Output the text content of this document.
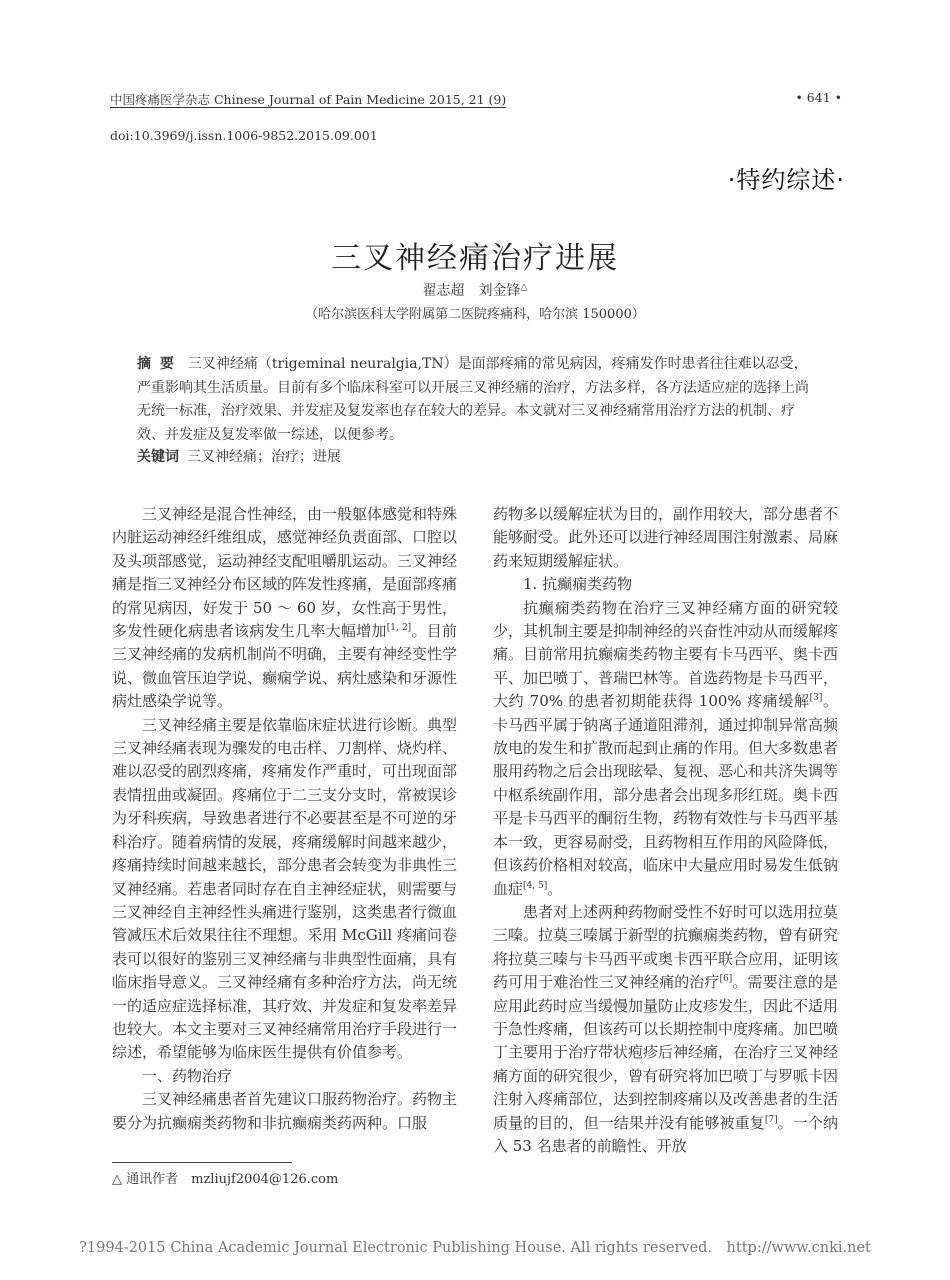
中国疼痛医学杂志 Chinese Journal of Pain Medicine 2015, 21 (9)	• 641 •
doi:10.3969/j.issn.1006-9852.2015.09.001
·特约综述·
三叉神经痛治疗进展
翟志超　刘金锋△
（哈尔滨医科大学附属第二医院疼痛科，哈尔滨 150000）
摘 要 三叉神经痛（trigeminal neuralgia,TN）是面部疼痛的常见病因，疼痛发作时患者往往难以忍受，严重影响其生活质量。目前有多个临床科室可以开展三叉神经痛的治疗，方法多样，各方法适应症的选择上尚无统一标准，治疗效果、并发症及复发率也存在较大的差异。本文就对三叉神经痛常用治疗方法的机制、疗效、并发症及复发率做一综述，以便参考。
关键词 三叉神经痛；治疗；进展

三叉神经是混合性神经，由一般躯体感觉和特殊内脏运动神经纤维组成，感觉神经负责面部、口腔以及头项部感觉，运动神经支配咀嚼肌运动。三叉神经痛是指三叉神经分布区域的阵发性疼痛，是面部疼痛的常见病因，好发于 50 ～ 60 岁，女性高于男性，多发性硬化病患者该病发生几率大幅增加[1, 2]。目前三叉神经痛的发病机制尚不明确，主要有神经变性学说、微血管压迫学说、癫痫学说、病灶感染和牙源性病灶感染学说等。

三叉神经痛主要是依靠临床症状进行诊断。典型三叉神经痛表现为骤发的电击样、刀割样、烧灼样、难以忍受的剧烈疼痛，疼痛发作严重时，可出现面部表情扭曲或凝固。疼痛位于二三支分支时，常被误诊为牙科疾病，导致患者进行不必要甚至是不可逆的牙科治疗。随着病情的发展，疼痛缓解时间越来越少，疼痛持续时间越来越长，部分患者会转变为非典性三叉神经痛。若患者同时存在自主神经症状，则需要与三叉神经自主神经性头痛进行鉴别，这类患者行微血管减压术后效果往往不理想。采用 McGill 疼痛问卷表可以很好的鉴别三叉神经痛与非典型性面痛，具有临床指导意义。三叉神经痛有多种治疗方法，尚无统一的适应症选择标准，其疗效、并发症和复发率差异也较大。本文主要对三叉神经痛常用治疗手段进行一综述，希望能够为临床医生提供有价值参考。

一、药物治疗

三叉神经痛患者首先建议口服药物治疗。药物主要分为抗癫痫类药物和非抗癫痫类药两种。口服

药物多以缓解症状为目的，副作用较大，部分患者不能够耐受。此外还可以进行神经周围注射激素、局麻药来短期缓解症状。

1. 抗癫痫类药物

抗癫痫类药物在治疗三叉神经痛方面的研究较少，其机制主要是抑制神经的兴奋性冲动从而缓解疼痛。目前常用抗癫痫类药物主要有卡马西平、奥卡西平、加巴喷丁、普瑞巴林等。首选药物是卡马西平，大约 70% 的患者初期能获得 100% 疼痛缓解[3]。卡马西平属于钠离子通道阻滞剂，通过抑制异常高频放电的发生和扩散而起到止痛的作用。但大多数患者服用药物之后会出现眩晕、复视、恶心和共济失调等中枢系统副作用，部分患者会出现多形红斑。奥卡西平是卡马西平的酮衍生物，药物有效性与卡马西平基本一致，更容易耐受，且药物相互作用的风险降低，但该药价格相对较高，临床中大量应用时易发生低钠血症[4, 5]。

患者对上述两种药物耐受性不好时可以选用拉莫三嗪。拉莫三嗪属于新型的抗癫痫类药物，曾有研究将拉莫三嗪与卡马西平或奥卡西平联合应用，证明该药可用于难治性三叉神经痛的治疗[6]。需要注意的是应用此药时应当缓慢加量防止皮疹发生，因此不适用于急性疼痛，但该药可以长期控制中度疼痛。加巴喷丁主要用于治疗带状疱疹后神经痛，在治疗三叉神经痛方面的研究很少，曾有研究将加巴喷丁与罗哌卡因注射入疼痛部位，达到控制疼痛以及改善患者的生活质量的目的，但一结果并没有能够被重复[7]。一个纳入 53 名患者的前瞻性、开放

△ 通讯作者　mzliujf2004@126.com
?1994-2015 China Academic Journal Electronic Publishing House. All rights reserved.　http://www.cnki.net
